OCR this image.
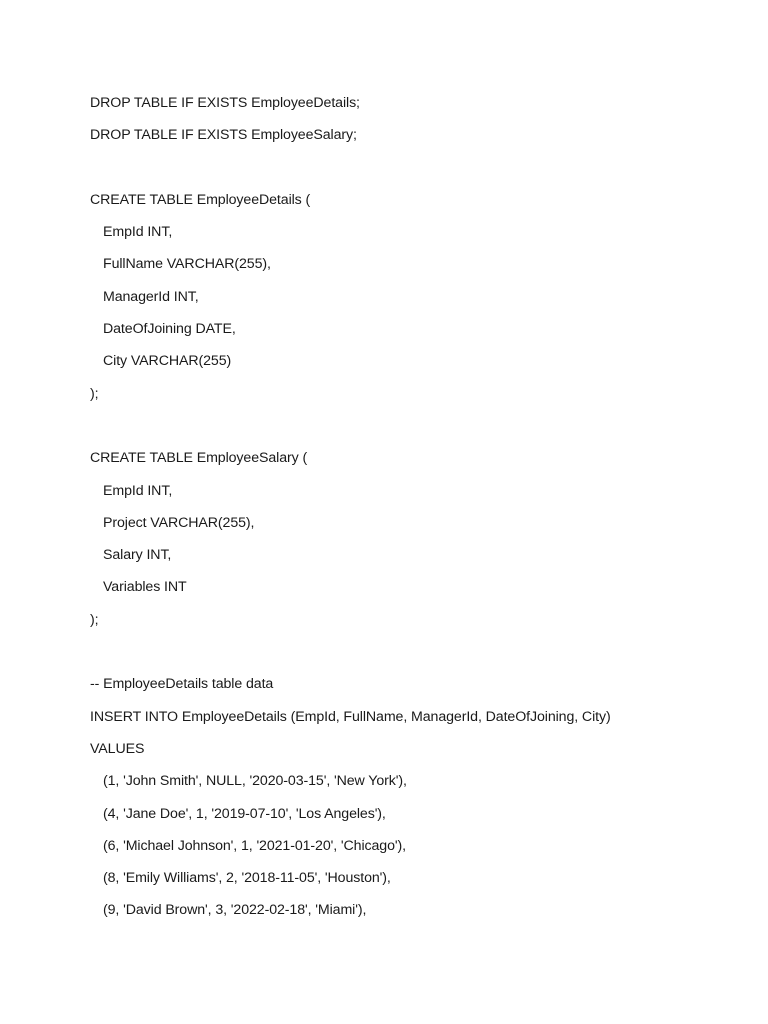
DROP TABLE IF EXISTS EmployeeDetails;
DROP TABLE IF EXISTS EmployeeSalary;
CREATE TABLE EmployeeDetails (
EmpId INT,
FullName VARCHAR(255),
ManagerId INT,
DateOfJoining DATE,
City VARCHAR(255)
);
CREATE TABLE EmployeeSalary (
EmpId INT,
Project VARCHAR(255),
Salary INT,
Variables INT
);
-- EmployeeDetails table data
INSERT INTO EmployeeDetails (EmpId, FullName, ManagerId, DateOfJoining, City)
VALUES
(1, 'John Smith', NULL, '2020-03-15', 'New York'),
(4, 'Jane Doe', 1, '2019-07-10', 'Los Angeles'),
(6, 'Michael Johnson', 1, '2021-01-20', 'Chicago'),
(8, 'Emily Williams', 2, '2018-11-05', 'Houston'),
(9, 'David Brown', 3, '2022-02-18', 'Miami'),
